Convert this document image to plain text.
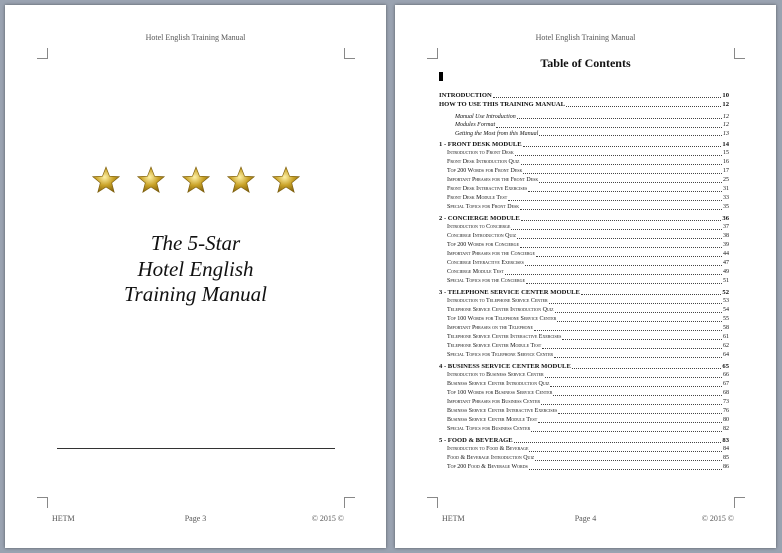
Hotel English Training Manual
The 5-Star
Hotel English
Training Manual
HETM	Page 3	© 2015 ©
Hotel English Training Manual
Table of Contents
INTRODUCTION	10
HOW TO USE THIS TRAINING MANUAL	12
Manual Use Introduction	12
Modules Format	12
Getting the Most from this Manual	13
1 - FRONT DESK MODULE	14
Introduction to Front Desk	15
Front Desk Introduction Quiz	16
Top 200 Words for Front Desk	17
Important Phrases for the Front Desk	25
Front Desk Interactive Exercises	31
Front Desk Module Test	33
Special Topics for Front Desk	35
2 - CONCIERGE MODULE	36
Introduction to Concierge	37
Concierge Introduction Quiz	38
Top 200 Words for Concierge	39
Important Phrases for the Concierge	44
Concierge Interactive Exercises	47
Concierge Module Test	49
Special Topics for the Concierge	51
3 - TELEPHONE SERVICE CENTER MODULE	52
Introduction to Telephone Service Center	53
Telephone Service Center Introduction Quiz	54
Top 100 Words for Telephone Service Center	55
Important Phrases on the Telephone	58
Telephone Service Center Interactive Exercises	61
Telephone Service Center Module Test	62
Special Topics for Telephone Service Center	64
4 - BUSINESS SERVICE CENTER MODULE	65
Introduction to Business Service Center	66
Business Service Center Introduction Quiz	67
Top 100 Words for Business Service Center	68
Important Phrases for Business Center	73
Business Service Center Interactive Exercises	76
Business Service Center Module Test	80
Special Topics for Business Center	82
5 - FOOD & BEVERAGE	83
Introduction to Food & Beverage	84
Food & Beverage Introduction Quiz	85
Top 200 Food & Beverage Words	86
HETM	Page 4	© 2015 ©
